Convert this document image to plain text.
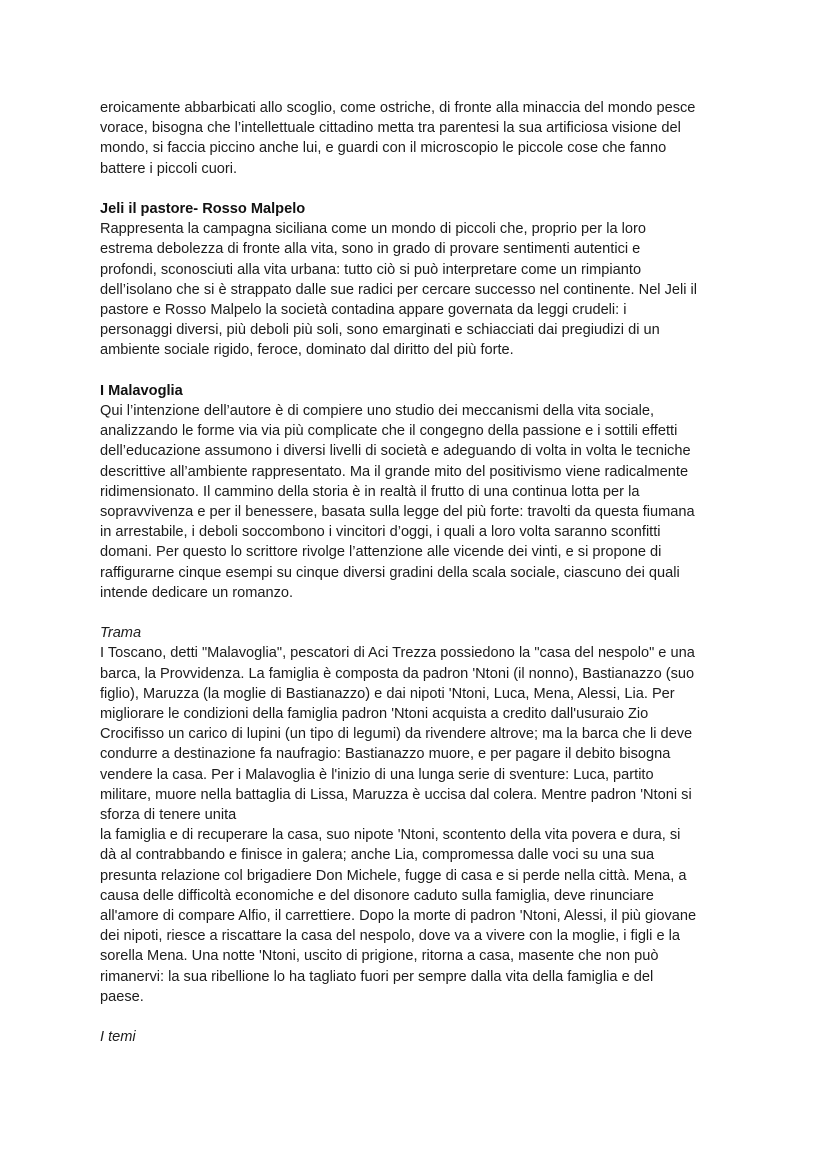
eroicamente abbarbicati allo scoglio, come ostriche, di fronte alla minaccia del mondo pesce
vorace, bisogna che l’intellettuale cittadino metta tra parentesi la sua artificiosa visione del
mondo, si faccia piccino anche lui, e guardi con il microscopio le piccole cose che fanno
battere i piccoli cuori.
Jeli il pastore- Rosso Malpelo
Rappresenta la campagna siciliana come un mondo di piccoli che, proprio per la loro
estrema debolezza di fronte alla vita, sono in grado di provare sentimenti autentici e
profondi, sconosciuti alla vita urbana: tutto ciò si può interpretare come un rimpianto
dell’isolano che si è strappato dalle sue radici per cercare successo nel continente. Nel Jeli il
pastore e Rosso Malpelo la società contadina appare governata da leggi crudeli: i
personaggi diversi, più deboli più soli, sono emarginati e schiacciati dai pregiudizi di un
ambiente sociale rigido, feroce, dominato dal diritto del più forte.
I Malavoglia
Qui l’intenzione dell’autore è di compiere uno studio dei meccanismi della vita sociale,
analizzando le forme via via più complicate che il congegno della passione e i sottili effetti
dell’educazione assumono i diversi livelli di società e adeguando di volta in volta le tecniche
descrittive all’ambiente rappresentato. Ma il grande mito del positivismo viene radicalmente
ridimensionato. Il cammino della storia è in realtà il frutto di una continua lotta per la
sopravvivenza e per il benessere, basata sulla legge del più forte: travolti da questa fiumana
in arrestabile, i deboli soccombono i vincitori d’oggi, i quali a loro volta saranno sconfitti
domani. Per questo lo scrittore rivolge l’attenzione alle vicende dei vinti, e si propone di
raffigurarne cinque esempi su cinque diversi gradini della scala sociale, ciascuno dei quali
intende dedicare un romanzo.
Trama
I Toscano, detti "Malavoglia", pescatori di Aci Trezza possiedono la "casa del nespolo" e una
barca, la Provvidenza. La famiglia è composta da padron 'Ntoni (il nonno), Bastianazzo (suo
figlio), Maruzza (la moglie di Bastianazzo) e dai nipoti 'Ntoni, Luca, Mena, Alessi, Lia. Per
migliorare le condizioni della famiglia padron 'Ntoni acquista a credito dall'usuraio Zio
Crocifisso un carico di lupini (un tipo di legumi) da rivendere altrove; ma la barca che li deve
condurre a destinazione fa naufragio: Bastianazzo muore, e per pagare il debito bisogna
vendere la casa. Per i Malavoglia è l'inizio di una lunga serie di sventure: Luca, partito
militare, muore nella battaglia di Lissa, Maruzza è uccisa dal colera. Mentre padron 'Ntoni si
sforza di tenere unita
la famiglia e di recuperare la casa, suo nipote 'Ntoni, scontento della vita povera e dura, si
dà al contrabbando e finisce in galera; anche Lia, compromessa dalle voci su una sua
presunta relazione col brigadiere Don Michele, fugge di casa e si perde nella città. Mena, a
causa delle difficoltà economiche e del disonore caduto sulla famiglia, deve rinunciare
all'amore di compare Alfio, il carrettiere. Dopo la morte di padron 'Ntoni, Alessi, il più giovane
dei nipoti, riesce a riscattare la casa del nespolo, dove va a vivere con la moglie, i figli e la
sorella Mena. Una notte 'Ntoni, uscito di prigione, ritorna a casa, masente che non può
rimanervi: la sua ribellione lo ha tagliato fuori per sempre dalla vita della famiglia e del
paese.
I temi
